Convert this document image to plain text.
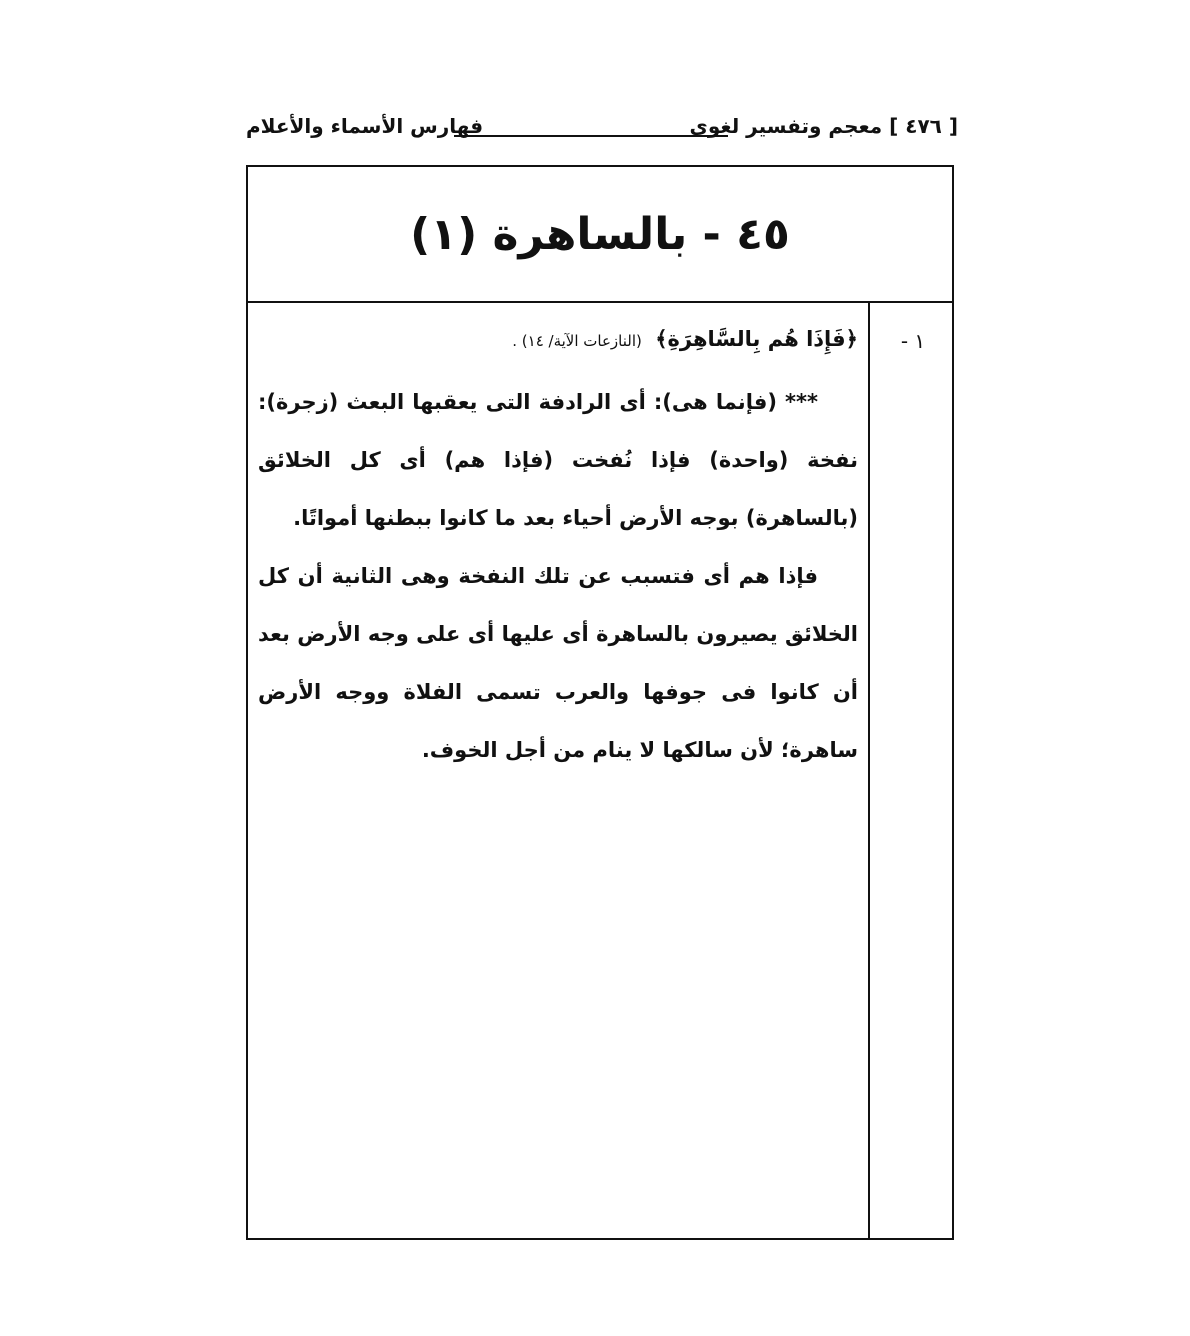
[ ٤٧٦ ] معجم وتفسير لغوى
فهارس الأسماء والأعلام
٤٥ - بالساهرة (١)
١ -
﴿فَإِذَا هُم بِالسَّاهِرَةِ﴾ (النازعات الآية/ ١٤) .

*** (فإنما هى): أى الرادفة التى يعقبها البعث (زجرة): نفخة (واحدة) فإذا نُفخت (فإذا هم) أى كل الخلائق (بالساهرة) بوجه الأرض أحياء بعد ما كانوا ببطنها أمواتًا.

فإذا هم أى فتسبب عن تلك النفخة وهى الثانية أن كل الخلائق يصيرون بالساهرة أى عليها أى على وجه الأرض بعد أن كانوا فى جوفها والعرب تسمى الفلاة ووجه الأرض ساهرة؛ لأن سالكها لا ينام من أجل الخوف.
